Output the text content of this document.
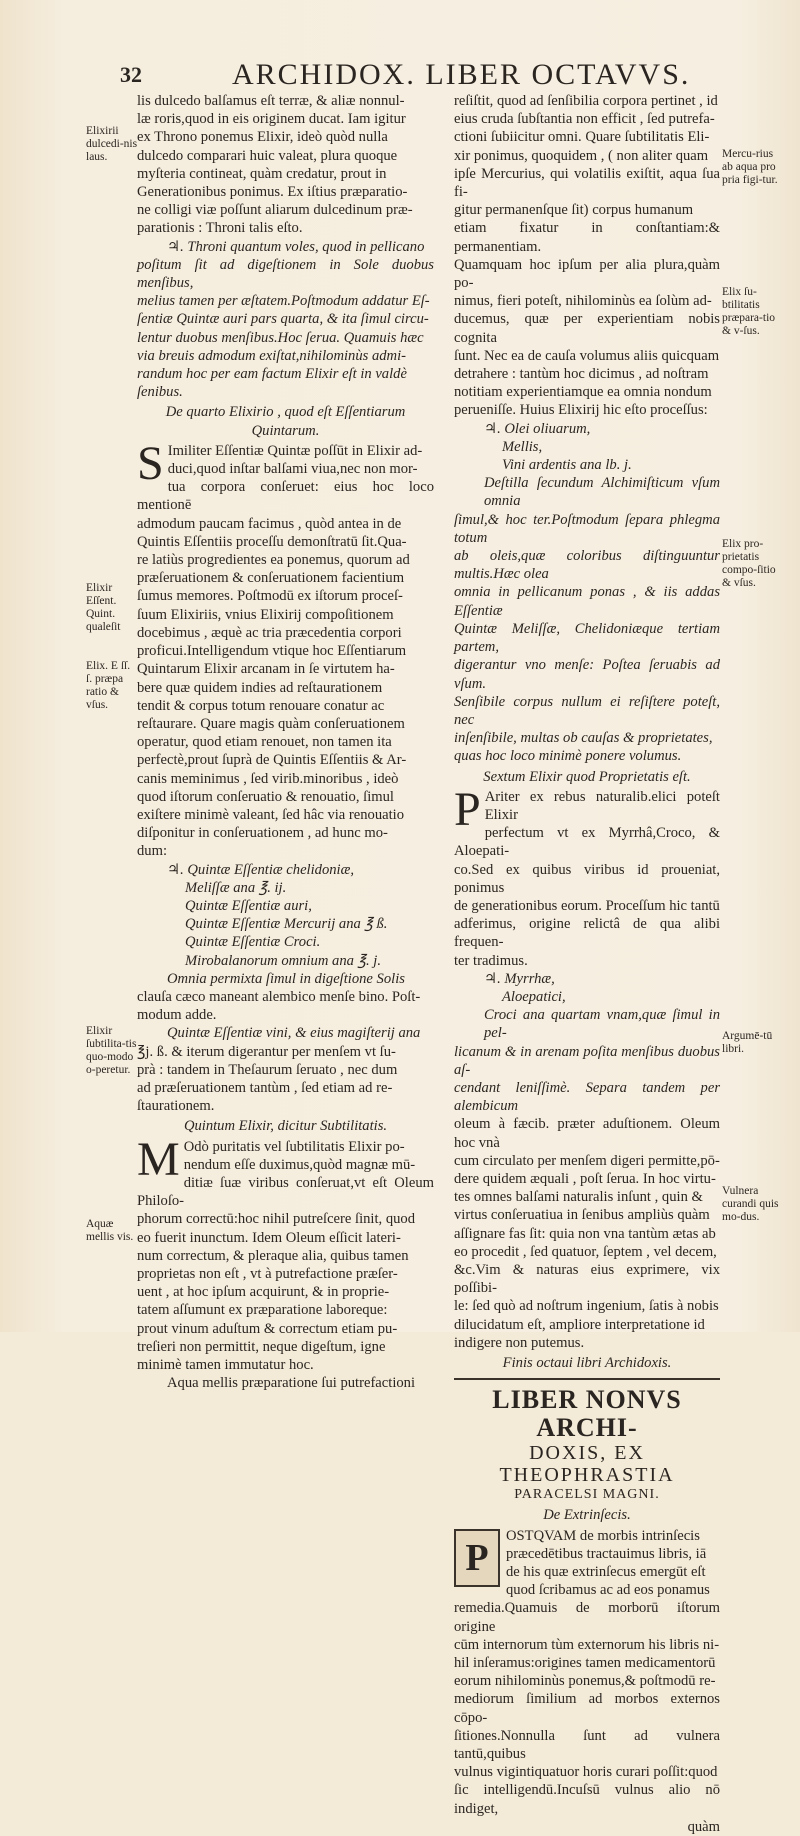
32	ARCHIDOX. LIBER OCTAVVS.

lis dulcedo balſamus eſt terræ, & aliæ nonnul-

læ roris,quod in eis originem ducat. Iam igitur

ex Throno ponemus Elixir, ideò quòd nulla

dulcedo comparari huic valeat, plura quoque

myſteria contineat, quàm credatur, prout in

Generationibus ponimus. Ex iſtius præparatio-

ne colligi viæ poſſunt aliarum dulcedinum præ-

parationis : Throni talis eſto.

♃. Throni quantum voles, quod in pellicano

poſitum ſit ad digeſtionem in Sole duobus menſibus,

melius tamen per æſtatem.Poſtmodum addatur Eſ-

ſentiæ Quintæ auri pars quarta, & ita ſimul circu-

lentur duobus menſibus.Hoc ſerua. Quamuis hæc

via breuis admodum exiſtat,nihilominùs admi-

randum hoc per eam factum Elixir eſt in valdè

ſenibus.

De quarto Elixirio , quod eſt Eſſentiarum Quintarum.

S Imiliter Eſſentiæ Quintæ poſſūt in Elixir ad-

duci,quod inſtar balſami viua,nec non mor-

tua corpora conſeruet: eius hoc loco mentionē

admodum paucam facimus , quòd antea in de

Quintis Eſſentiis proceſſu demonſtratū ſit.Qua-

re latiùs progredientes ea ponemus, quorum ad

præſeruationem & conſeruationem facientium

ſumus memores. Poſtmodū ex iſtorum proceſ-

ſuum Elixiriis, vnius Elixirij compoſitionem

docebimus , æquè ac tria præcedentia corpori

proficui.Intelligendum vtique hoc Eſſentiarum

Quintarum Elixir arcanam in ſe virtutem ha-

bere quæ quidem indies ad reſtaurationem

tendit & corpus totum renouare conatur ac

reſtaurare. Quare magis quàm conſeruationem

operatur, quod etiam renouet, non tamen ita

perfectè,prout ſuprà de Quintis Eſſentiis & Ar-

canis meminimus , ſed virib.minoribus , ideò

quod iſtorum conſeruatio & renouatio, ſimul

exiſtere minimè valeant, ſed hâc via renouatio

diſponitur in conſeruationem , ad hunc mo-

dum:

♃. Quintæ Eſſentiæ chelidoniæ,

Meliſſæ ana ℥. ij.

Quintæ Eſſentiæ auri,

Quintæ Eſſentiæ Mercurij ana ℥ ß.

Quintæ Eſſentiæ Croci.

Mirobalanorum omnium ana ℥. j.

Omnia permixta ſimul in digeſtione Solis

clauſa cæco maneant alembico menſe bino. Poſt-

modum adde.

Quintæ Eſſentiæ vini, & eius magiſterij ana

℥j. ß. & iterum digerantur per menſem vt ſu-

prà : tandem in Theſaurum ſeruato , nec dum

ad præſeruationem tantùm , ſed etiam ad re-

ſtaurationem.

Quintum Elixir, dicitur Subtilitatis.

M Odò puritatis vel ſubtilitatis Elixir po-

nendum eſſe duximus,quòd magnæ mū-

ditiæ ſuæ viribus conſeruat,vt eſt Oleum Philoſo-

phorum correctū:hoc nihil putreſcere ſinit, quod

eo fuerit inunctum. Idem Oleum eſſicit lateri-

num correctum, & pleraque alia, quibus tamen

proprietas non eſt , vt à putrefactione præſer-

uent , at hoc ipſum acquirunt, & in proprie-

tatem aſſumunt ex præparatione laboreque:

prout vinum aduſtum & correctum etiam pu-

treſieri non permittit, neque digeſtum, igne

minimè tamen immutatur hoc.

Aqua mellis præparatione ſui putrefactioni

reſiſtit, quod ad ſenſibilia corpora pertinet , id

eius cruda ſubſtantia non efficit , ſed putrefa-

ctioni ſubiicitur omni. Quare ſubtilitatis Eli-

xir ponimus, quoquidem , ( non aliter quam

ipſe Mercurius, qui volatilis exiſtit, aqua ſua fi-

gitur permanenſque ſit) corpus humanum

etiam fixatur in conſtantiam:& permanentiam.

Quamquam hoc ipſum per alia plura,quàm po-

nimus, fieri poteſt, nihilominùs ea ſolùm ad-

ducemus, quæ per experientiam nobis cognita

ſunt. Nec ea de cauſa volumus aliis quicquam

detrahere : tantùm hoc dicimus , ad noſtram

notitiam experientiamque ea omnia nondum

perueniſſe. Huius Elixirij hic eſto proceſſus:

♃. Olei oliuarum,

Mellis,

Vini ardentis ana lb. j.

Deſtilla ſecundum Alchimiſticum vſum omnia

ſimul,& hoc ter.Poſtmodum ſepara phlegma totum

ab oleis,quæ coloribus diſtinguuntur multis.Hæc olea

omnia in pellicanum ponas , & iis addas Eſſentiæ

Quintæ Meliſſæ, Chelidoniæque tertiam partem,

digerantur vno menſe: Poſtea ſeruabis ad vſum.

Senſibile corpus nullum ei reſiſtere poteſt, nec

inſenſibile, multas ob cauſas & proprietates,

quas hoc loco minimè ponere volumus.

Sextum Elixir quod Proprietatis eſt.

P Ariter ex rebus naturalib.elici poteſt Elixir

perfectum vt ex Myrrhâ,Croco, & Aloepati-

co.Sed ex quibus viribus id proueniat, ponimus

de generationibus eorum. Proceſſum hic tantū

adferimus, origine relictâ de qua alibi frequen-

ter tradimus.

♃. Myrrhæ,

Aloepatici,

Croci ana quartam vnam,quæ ſimul in pel-

licanum & in arenam poſita menſibus duobus aſ-

cendant leniſſimè. Separa tandem per alembicum

oleum à fæcib. præter aduſtionem. Oleum hoc vnà

cum circulato per menſem digeri permitte,pō-

dere quidem æquali , poſt ſerua. In hoc virtu-

tes omnes balſami naturalis inſunt , quin &

virtus conſeruatiua in ſenibus ampliùs quàm

aſſignare fas ſit: quia non vna tantùm ætas ab

eo procedit , ſed quatuor, ſeptem , vel decem,

&c.Vim & naturas eius exprimere, vix poſſibi-

le: ſed quò ad noſtrum ingenium, ſatis à nobis

dilucidatum eſt, ampliore interpretatione id

indigere non putemus.

Finis octaui libri Archidoxis.

LIBER NONVS ARCHI-

DOXIS, EX THEOPHRASTIA

PARACELSI MAGNI.

De Extrinſecis.

P

OSTQVAM de morbis intrinſecis

præcedētibus tractauimus libris, iā

de his quæ extrinſecus emergūt eſt

quod ſcribamus ac ad eos ponamus

remedia.Quamuis de morborū iſtorum origine

cūm internorum tùm externorum his libris ni-

hil inſeramus:origines tamen medicamentorū

eorum nihilominùs ponemus,& poſtmodū re-

mediorum ſimilium ad morbos externos cōpo-

ſitiones.Nonnulla ſunt ad vulnera tantū,quibus

vulnus vigintiquatuor horis curari poſſit:quod

ſic intelligendū.Incuſsū vulnus alio nō indiget,

quàm

Elixirii dulcedi-nis laus.
Elixir Eſſent. Quint. qualeſit
Elix. E ſſ. ſ. præpa ratio & vſus.
Elixir ſubtilita-tis quo-modo o-peretur.
Aquæ mellis vis.
Mercu-rius ab aqua pro pria figi-tur.
Elix ſu-btilitatis præpara-tio & v-ſus.
Elix pro-prietatis compo-ſitio & vſus.
Argumē-tū libri.
Vulnera curandi quis mo-dus.
